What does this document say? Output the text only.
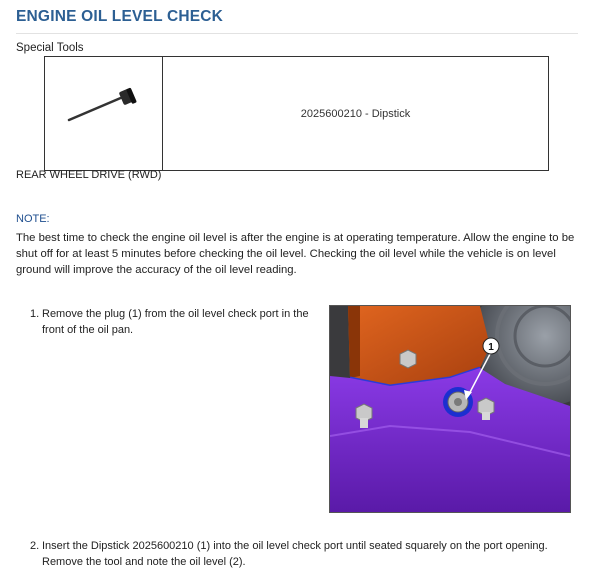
ENGINE OIL LEVEL CHECK
Special Tools
	2025600210 - Dipstick
REAR WHEEL DRIVE (RWD)
NOTE:
The best time to check the engine oil level is after the engine is at operating temperature. Allow the engine to be shut off for at least 5 minutes before checking the oil level. Checking the oil level while the vehicle is on level ground will improve the accuracy of the oil level reading.
1. Remove the plug (1) from the oil level check port in the front of the oil pan.
1
2. Insert the Dipstick 2025600210 (1) into the oil level check port until seated squarely on the port opening. Remove the tool and note the oil level (2).
